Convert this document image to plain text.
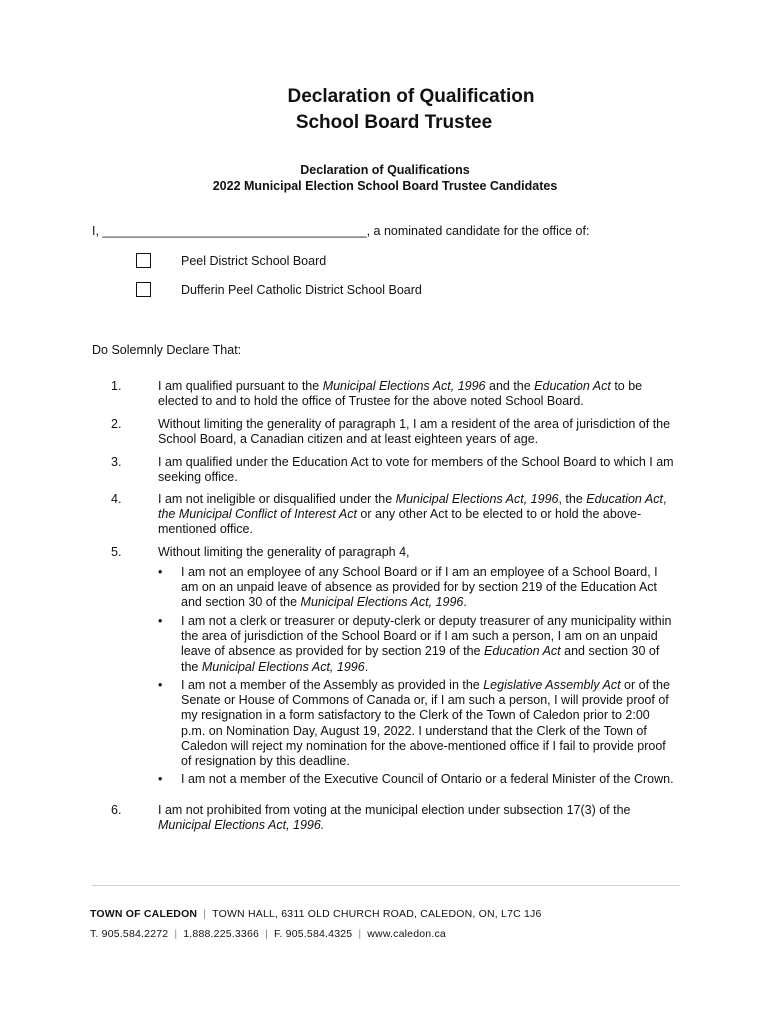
Declaration of Qualification
School Board Trustee
Declaration of Qualifications
2022 Municipal Election School Board Trustee Candidates
I, ______________________________________, a nominated candidate for the office of:
Peel District School Board
Dufferin Peel Catholic District School Board
Do Solemnly Declare That:
1.	I am qualified pursuant to the Municipal Elections Act, 1996 and the Education Act to be
elected to and to hold the office of Trustee for the above noted School Board.
2.	Without limiting the generality of paragraph 1, I am a resident of the area of jurisdiction of the
School Board, a Canadian citizen and at least eighteen years of age.
3.	I am qualified under the Education Act to vote for members of the School Board to which I am
seeking office.
4.	I am not ineligible or disqualified under the Municipal Elections Act, 1996, the Education Act,
the Municipal Conflict of Interest Act or any other Act to be elected to or hold the above-
mentioned office.
5.	Without limiting the generality of paragraph 4,
• I am not an employee of any School Board or if I am an employee of a School Board, I
am on an unpaid leave of absence as provided for by section 219 of the Education Act
and section 30 of the Municipal Elections Act, 1996.
• I am not a clerk or treasurer or deputy-clerk or deputy treasurer of any municipality within
the area of jurisdiction of the School Board or if I am such a person, I am on an unpaid
leave of absence as provided for by section 219 of the Education Act and section 30 of
the Municipal Elections Act, 1996.
• I am not a member of the Assembly as provided in the Legislative Assembly Act or of the
Senate or House of Commons of Canada or, if I am such a person, I will provide proof of
my resignation in a form satisfactory to the Clerk of the Town of Caledon prior to 2:00
p.m. on Nomination Day, August 19, 2022. I understand that the Clerk of the Town of
Caledon will reject my nomination for the above-mentioned office if I fail to provide proof
of resignation by this deadline.
• I am not a member of the Executive Council of Ontario or a federal Minister of the Crown.
6.	I am not prohibited from voting at the municipal election under subsection 17(3) of the
Municipal Elections Act, 1996.
TOWN OF CALEDON | TOWN HALL, 6311 OLD CHURCH ROAD, CALEDON, ON, L7C 1J6
T. 905.584.2272 | 1.888.225.3366 | F. 905.584.4325 | www.caledon.ca
